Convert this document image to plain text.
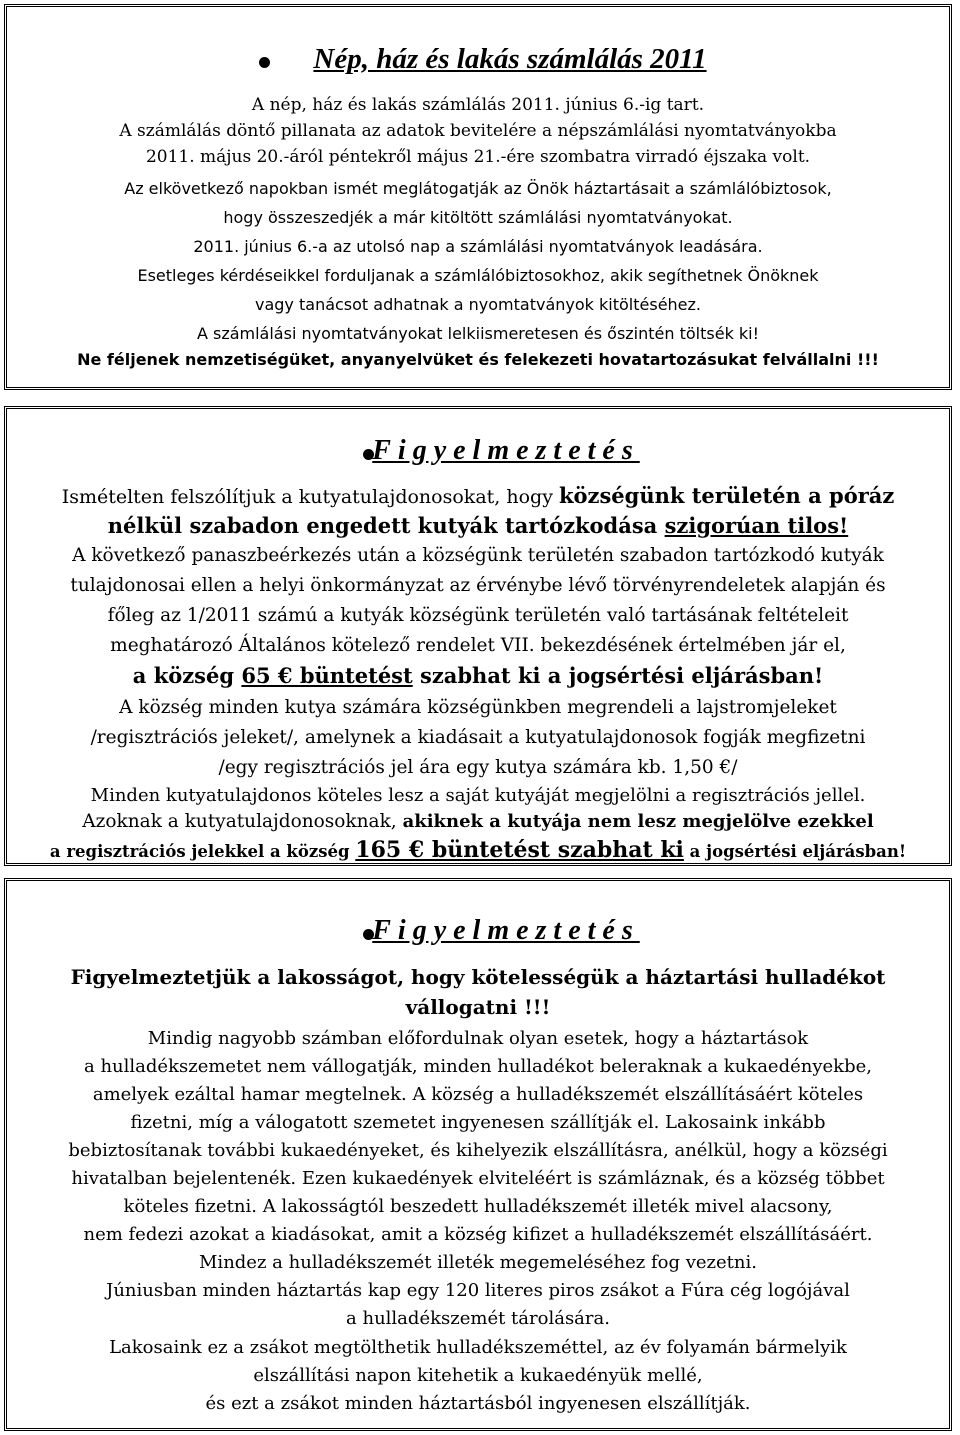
Nép, ház és lakás számlálás 2011
A nép, ház és lakás számlálás 2011. június 6.-ig tart.
A számlálás döntő pillanata az adatok bevitelére a népszámlálási nyomtatványokba
2011. május 20.-áról péntekről május 21.-ére szombatra virradó éjszaka volt.
Az elkövetkező napokban ismét meglátogatják az Önök háztartásait a számlálóbiztosok,
hogy összeszedjék a már kitöltött számlálási nyomtatványokat.
2011. június 6.-a az utolsó nap a számlálási nyomtatványok leadására.
Esetleges kérdéseikkel forduljanak a számlálóbiztosokhoz, akik segíthetnek Önöknek
vagy tanácsot adhatnak a nyomtatványok kitöltéséhez.
A számlálási nyomtatványokat lelkiismeretesen és őszintén töltsék ki!
Ne féljenek nemzetiségüket, anyanyelvüket és felekezeti hovatartozásukat felvállalni !!!
Figyelmeztetés
Ismételten felszólítjuk a kutyatulajdonosokat, hogy községünk területén a póráz
nélkül szabadon engedett kutyák tartózkodása szigorúan tilos!
A következő panaszbeérkezés után a községünk területén szabadon tartózkodó kutyák
tulajdonosai ellen a helyi önkormányzat az érvénybe lévő törvényrendeletek alapján és
főleg az 1/2011 számú a kutyák községünk területén való tartásának feltételeit
meghatározó Általános kötelező rendelet VII. bekezdésének értelmében jár el,
a község 65 € büntetést szabhat ki a jogsértési eljárásban!
A község minden kutya számára községünkben megrendeli a lajstromjeleket
/regisztrációs jeleket/, amelynek a kiadásait a kutyatulajdonosok fogják megfizetni
/egy regisztrációs jel ára egy kutya számára kb. 1,50 €/
Minden kutyatulajdonos köteles lesz a saját kutyáját megjelölni a regisztrációs jellel.
Azoknak a kutyatulajdonosoknak, akiknek a kutyája nem lesz megjelölve ezekkel
a regisztrációs jelekkel a község 165 € büntetést szabhat ki a jogsértési eljárásban!
Figyelmeztetés
Figyelmeztetjük a lakosságot, hogy kötelességük a háztartási hulladékot
vállogatni !!!
Mindig nagyobb számban előfordulnak olyan esetek, hogy a háztartások
a hulladékszemetet nem vállogatják, minden hulladékot beleraknak a kukaedényekbe,
amelyek ezáltal hamar megtelnek. A község a hulladékszemét elszállításáért köteles
fizetni, míg a válogatott szemetet ingyenesen szállítják el. Lakosaink inkább
bebiztosítanak további kukaedényeket, és kihelyezik elszállításra, anélkül, hogy a községi
hivatalban bejelentenék. Ezen kukaedények elviteléért is számláznak, és a község többet
köteles fizetni. A lakosságtól beszedett hulladékszemét illeték mivel alacsony,
nem fedezi azokat a kiadásokat, amit a község kifizet a hulladékszemét elszállításáért.
Mindez a hulladékszemét illeték megemeléséhez fog vezetni.
Júniusban minden háztartás kap egy 120 literes piros zsákot a Fúra cég logójával
a hulladékszemét tárolására.
Lakosaink ez a zsákot megtölthetik hulladékszeméttel, az év folyamán bármelyik
elszállítási napon kitehetik a kukaedényük mellé,
és ezt a zsákot minden háztartásból ingyenesen elszállítják.
